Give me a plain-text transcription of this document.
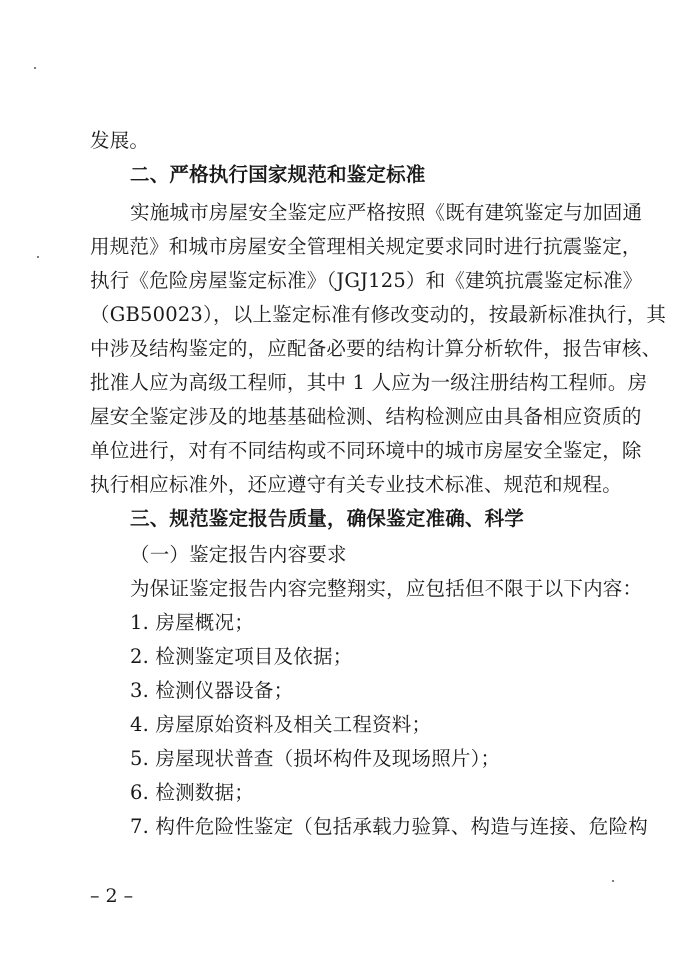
发展。
二、严格执行国家规范和鉴定标准
实施城市房屋安全鉴定应严格按照《既有建筑鉴定与加固通
用规范》和城市房屋安全管理相关规定要求同时进行抗震鉴定，
执行《危险房屋鉴定标准》（JGJ125）和《建筑抗震鉴定标准》
（GB50023），以上鉴定标准有修改变动的，按最新标准执行，其
中涉及结构鉴定的，应配备必要的结构计算分析软件，报告审核、
批准人应为高级工程师，其中 1 人应为一级注册结构工程师。房
屋安全鉴定涉及的地基基础检测、结构检测应由具备相应资质的
单位进行，对有不同结构或不同环境中的城市房屋安全鉴定，除
执行相应标准外，还应遵守有关专业技术标准、规范和规程。
三、规范鉴定报告质量，确保鉴定准确、科学
（一）鉴定报告内容要求
为保证鉴定报告内容完整翔实，应包括但不限于以下内容：
1. 房屋概况；
2. 检测鉴定项目及依据；
3. 检测仪器设备；
4. 房屋原始资料及相关工程资料；
5. 房屋现状普查（损坏构件及现场照片）；
6. 检测数据；
7. 构件危险性鉴定（包括承载力验算、构造与连接、危险构
– 2 –
